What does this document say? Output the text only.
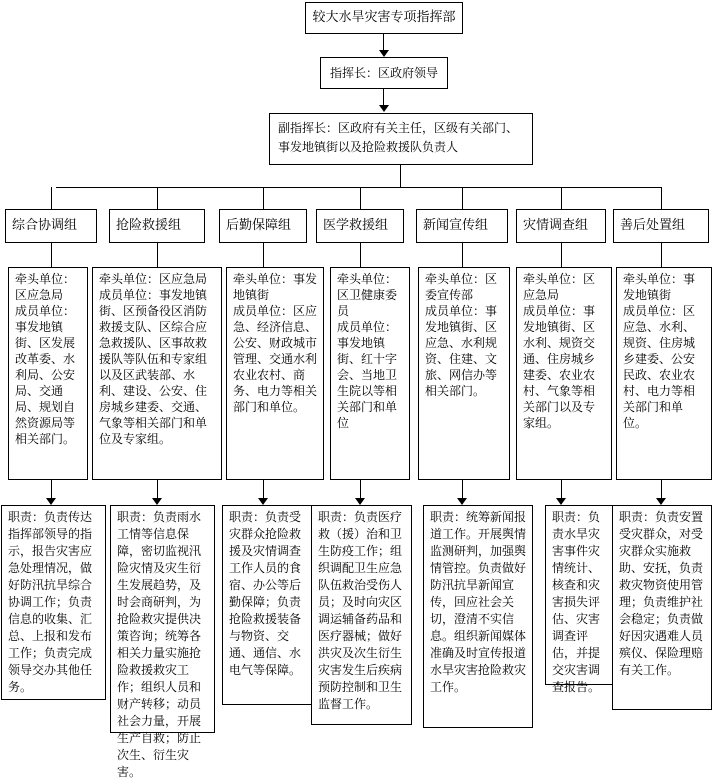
较大水旱灾害专项指挥部
指挥长：区政府领导
副指挥长：区政府有关主任，区级有关部门、事发地镇街以及抢险救援队负责人
综合协调组
牵头单位：区应急局
成员单位：事发地镇街、区发展改革委、水利局、公安局、交通局、规划自然资源局等相关部门。
职责：负责传达指挥部领导的指示，报告灾害应急处理情况，做好防汛抗旱综合协调工作；负责信息的收集、汇总、上报和发布工作；负责完成领导交办其他任务。
抢险救援组
牵头单位：区应急局
成员单位：事发地镇街、区预备役区消防救援支队、区综合应急救援队、区事故救援队等队伍和专家组以及区武装部、水利、建设、公安、住房城乡建委、交通、气象等相关部门和单位及专家组。
职责：负责雨水工情等信息保障，密切监视汛险灾情及灾生衍生发展趋势，及时会商研判，为抢险救灾提供决策咨询；统筹各相关力量实施抢险救援救灾工作；组织人员和财产转移；动员社会力量，开展生产自救；防止次生、衍生灾害。
后勤保障组
牵头单位：事发地镇街
成员单位：区应急、经济信息、公安、财政城市管理、交通水利农业农村、商务、电力等相关部门和单位。
职责：负责受灾群众抢险救援及灾情调查工作人员的食宿、办公等后勤保障；负责抢险救援装备与物资、交通、通信、水电气等保障。
医学救援组
牵头单位：区卫健康委员
成员单位：事发地镇街、红十字会、当地卫生院以等相关部门和单位
职责：负责医疗救（援）治和卫生防疫工作；组织调配卫生应急队伍救治受伤人员；及时向灾区调运辅备药品和医疗器械；做好洪灾及次生衍生灾害发生后疾病预防控制和卫生监督工作。
新闻宣传组
牵头单位：区委宣传部
成员单位：事发地镇街、区应急、水利规资、住建、文旅、网信办等相关部门。
职责：统筹新闻报道工作。开展舆情监测研判，加强舆情管控。负责做好防汛抗旱新闻宣传，回应社会关切，澄清不实信息。组织新闻媒体准确及时宣传报道水旱灾害抢险救灾工作。
灾情调查组
牵头单位：区应急局
成员单位：事发地镇街、区水利、规资交通、住房城乡建委、农业农村、气象等相关部门以及专家组。
职责：负责水旱灾害事件灾情统计、核查和灾害损失评估、灾害调查评估，并提交灾害调查报告。
善后处置组
牵头单位：事发地镇街
成员单位：区应急、水利、规资、住房城乡建委、公安民政、农业农村、电力等相关部门和单位。
职责：负责安置受灾群众，对受灾群众实施救助、安抚，负责救灾物资使用管理；负责维护社会稳定；负责做好因灾遇难人员殡仪、保险理赔有关工作。
